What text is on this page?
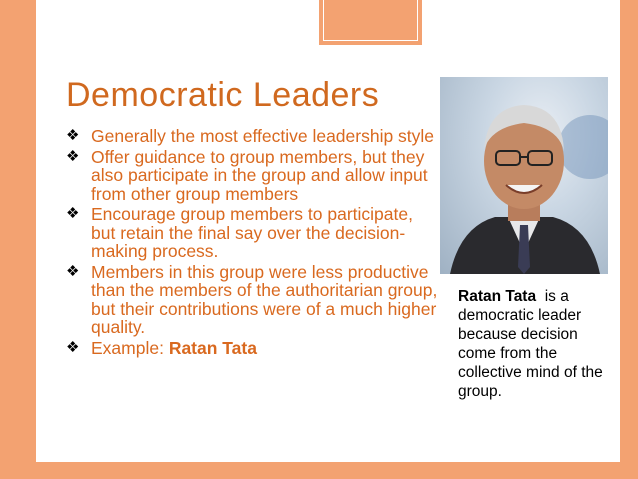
Democratic Leaders
❖ Generally the most effective leadership style
❖ Offer guidance to group members, but they also participate in the group and allow input from other group members
❖ Encourage group members to participate, but retain the final say over the decision-making process.
❖ Members in this group were less productive than the members of the authoritarian group, but their contributions were of a much higher quality.
❖ Example: Ratan Tata
Ratan Tata  is a democratic leader because decision come from the collective mind of the group.
